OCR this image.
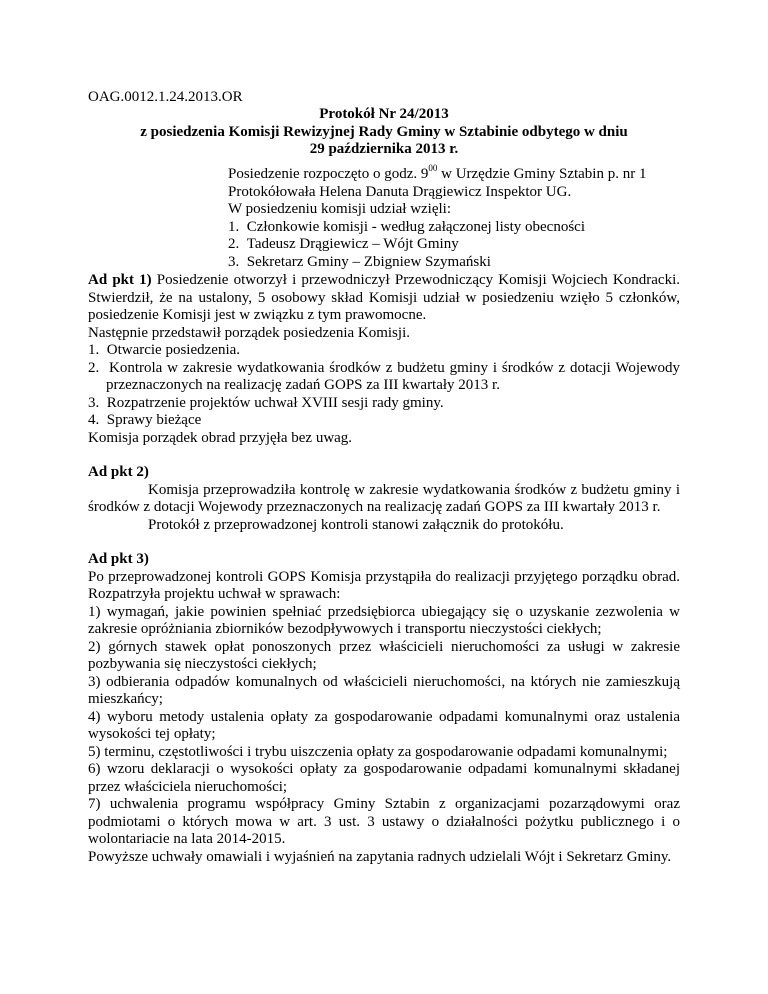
OAG.0012.1.24.2013.OR
Protokół Nr 24/2013
z posiedzenia Komisji Rewizyjnej Rady Gminy w Sztabinie odbytego w dniu
29 października 2013 r.
Posiedzenie rozpoczęto o godz. $9^{00}$ w Urzędzie Gminy Sztabin p. nr 1
Protokółowała Helena Danuta Drągiewicz Inspektor UG.
W posiedzeniu komisji udział wzięli:
1.  Członkowie komisji - według załączonej listy obecności
2.  Tadeusz Drągiewicz – Wójt Gminy
3.  Sekretarz Gminy – Zbigniew Szymański

Ad pkt 1) Posiedzenie otworzył i przewodniczył Przewodniczący Komisji Wojciech Kondracki. Stwierdził, że na ustalony, 5 osobowy skład Komisji udział w posiedzeniu wzięło 5 członków, posiedzenie Komisji jest w związku z tym prawomocne.

Następnie przedstawił porządek posiedzenia Komisji.

1.  Otwarcie posiedzenia.

2.  Kontrola w zakresie wydatkowania środków z budżetu gminy i środków z dotacji Wojewody przeznaczonych na realizację zadań GOPS za III kwartały 2013 r.

3.  Rozpatrzenie projektów uchwał XVIII sesji rady gminy.

4.  Sprawy bieżące

Komisja porządek obrad przyjęła bez uwag.

Ad pkt 2)

Komisja przeprowadziła kontrolę w zakresie wydatkowania środków z budżetu gminy i środków z dotacji Wojewody przeznaczonych na realizację zadań GOPS za III kwartały 2013 r.

Protokół z przeprowadzonej kontroli stanowi załącznik do protokółu.

Ad pkt 3)

Po przeprowadzonej kontroli GOPS Komisja przystąpiła do realizacji przyjętego porządku obrad. Rozpatrzyła projektu uchwał w sprawach:

1) wymagań, jakie powinien spełniać przedsiębiorca ubiegający się o uzyskanie zezwolenia w zakresie opróżniania zbiorników bezodpływowych i transportu nieczystości ciekłych;

2) górnych stawek opłat ponoszonych przez właścicieli nieruchomości za usługi w zakresie pozbywania się nieczystości ciekłych;

3) odbierania odpadów komunalnych od właścicieli nieruchomości, na których nie zamieszkują mieszkańcy;

4) wyboru metody ustalenia opłaty za gospodarowanie odpadami komunalnymi oraz ustalenia wysokości tej opłaty;

5) terminu, częstotliwości i trybu uiszczenia opłaty za gospodarowanie odpadami komunalnymi;

6) wzoru deklaracji o wysokości opłaty za gospodarowanie odpadami komunalnymi składanej przez właściciela nieruchomości;

7) uchwalenia programu współpracy Gminy Sztabin z organizacjami pozarządowymi oraz podmiotami o których mowa w art. 3 ust. 3 ustawy o działalności pożytku publicznego i o wolontariacie na lata 2014-2015.

Powyższe uchwały omawiali i wyjaśnień na zapytania radnych udzielali Wójt i Sekretarz Gminy.
